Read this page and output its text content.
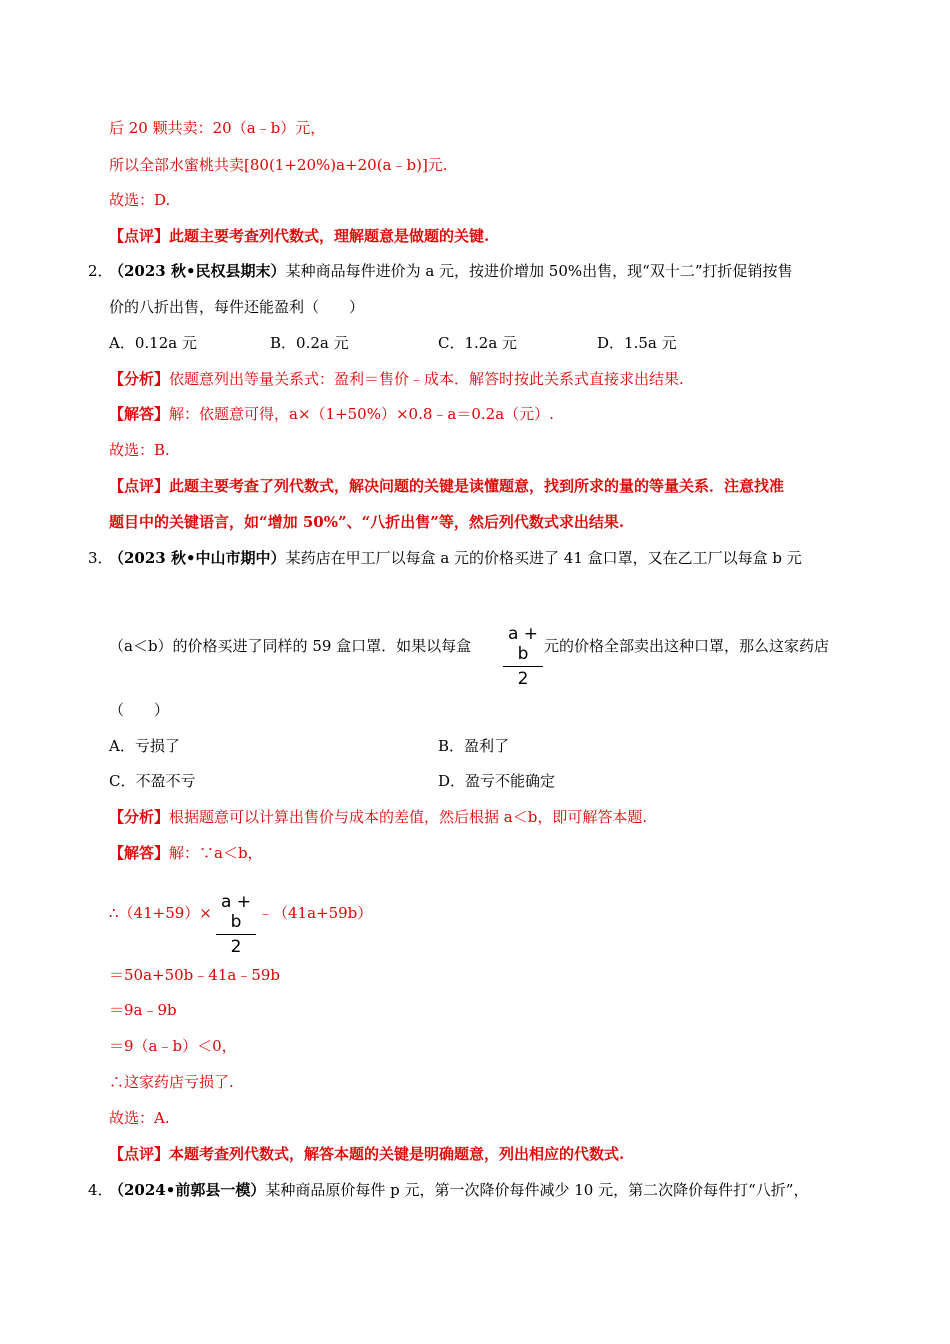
后 20 颗共卖：20（a﹣b）元，
所以全部水蜜桃共卖[80(1+20%)a+20(a﹣b)]元.
故选：D.
【点评】此题主要考查列代数式，理解题意是做题的关键.
2．
（2023 秋•民权县期末）某种商品每件进价为 a 元，按进价增加 50%出售，现“双十二”打折促销按售
价的八折出售，每件还能盈利（　　）
A．0.12a 元	B．0.2a 元	C．1.2a 元	D．1.5a 元
【分析】依题意列出等量关系式：盈利＝售价﹣成本．解答时按此关系式直接求出结果.
【解答】解：依题意可得，a×（1+50%）×0.8﹣a＝0.2a（元）.
故选：B.
【点评】此题主要考查了列代数式，解决问题的关键是读懂题意，找到所求的量的等量关系．注意找准
题目中的关键语言，如“增加 50%”、“八折出售”等，然后列代数式求出结果.
3．
（2023 秋•中山市期中）某药店在甲工厂以每盒 a 元的价格买进了 41 盒口罩，又在乙工厂以每盒 b 元
（a＜b）的价格买进了同样的 59 盒口罩．如果以每盒
a + b
2
元的价格全部卖出这种口罩，那么这家药店
（　　）
A．亏损了	B．盈利了
C．不盈不亏	D．盈亏不能确定
【分析】根据题意可以计算出售价与成本的差值，然后根据 a＜b，即可解答本题.
【解答】解：∵a＜b，
∴（41+59）×
a + b
2
﹣（41a+59b）
＝50a+50b﹣41a﹣59b
＝9a﹣9b
＝9（a﹣b）＜0，
∴这家药店亏损了.
故选：A.
【点评】本题考查列代数式，解答本题的关键是明确题意，列出相应的代数式.
4．
（2024•前郭县一模）某种商品原价每件 p 元，第一次降价每件减少 10 元，第二次降价每件打“八折”，
